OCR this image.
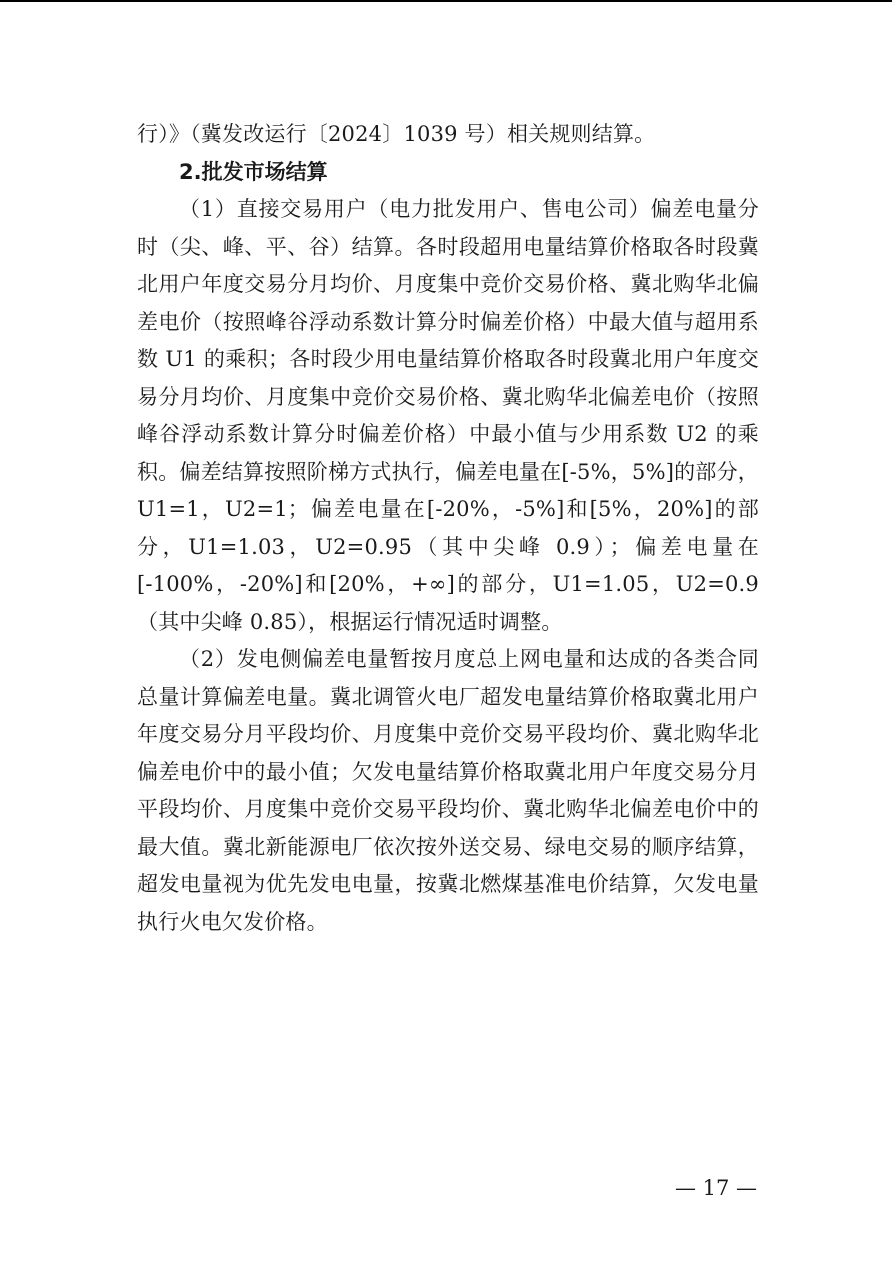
行）》（冀发改运行〔2024〕1039 号）相关规则结算。

2.批发市场结算

（1）直接交易用户（电力批发用户、售电公司）偏差电量分时（尖、峰、平、谷）结算。各时段超用电量结算价格取各时段冀北用户年度交易分月均价、月度集中竞价交易价格、冀北购华北偏差电价（按照峰谷浮动系数计算分时偏差价格）中最大值与超用系数 U1 的乘积；各时段少用电量结算价格取各时段冀北用户年度交易分月均价、月度集中竞价交易价格、冀北购华北偏差电价（按照峰谷浮动系数计算分时偏差价格）中最小值与少用系数 U2 的乘积。偏差结算按照阶梯方式执行，偏差电量在[-5%，5%]的部分，U1=1，U2=1；偏差电量在[-20%，-5%]和[5%，20%]的部分，U1=1.03，U2=0.95（其中尖峰 0.9）；偏差电量在[-100%，-20%]和[20%，+∞]的部分，U1=1.05，U2=0.9（其中尖峰 0.85），根据运行情况适时调整。

（2）发电侧偏差电量暂按月度总上网电量和达成的各类合同总量计算偏差电量。冀北调管火电厂超发电量结算价格取冀北用户年度交易分月平段均价、月度集中竞价交易平段均价、冀北购华北偏差电价中的最小值；欠发电量结算价格取冀北用户年度交易分月平段均价、月度集中竞价交易平段均价、冀北购华北偏差电价中的最大值。冀北新能源电厂依次按外送交易、绿电交易的顺序结算，超发电量视为优先发电电量，按冀北燃煤基准电价结算，欠发电量执行火电欠发价格。

— 17 —
